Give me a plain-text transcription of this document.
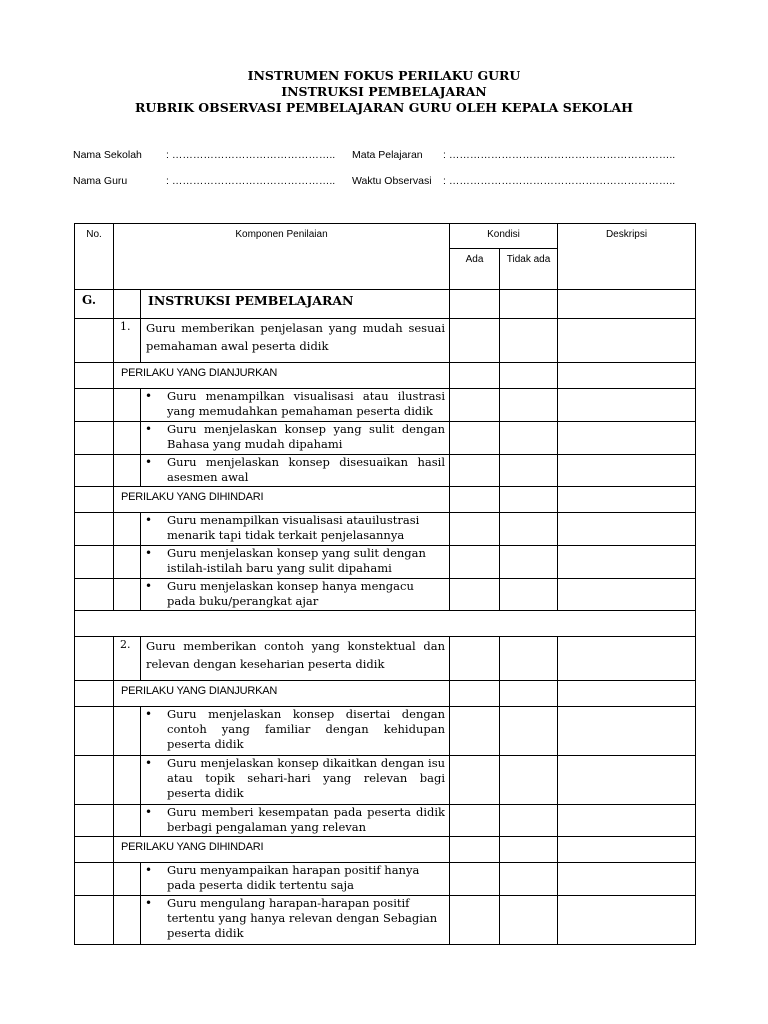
INSTRUMEN FOKUS PERILAKU GURU
INSTRUKSI PEMBELAJARAN
RUBRIK OBSERVASI PEMBELAJARAN GURU OLEH KEPALA SEKOLAH
Nama Sekolah : ……………………………………….. Mata Pelajaran : ………………………………………………………..
Nama Guru	: ……………………………………….. Waktu Observasi : ………………………………………………………..
No.	Komponen Penilaian		Kondisi		Deskripsi
			Ada	Tidak ada	
G.		INSTRUKSI PEMBELAJARAN			
	1.	Guru memberikan penjelasan yang mudah sesuai pemahaman awal peserta didik			
	PERILAKU YANG DIANJURKAN				
		• Guru menampilkan visualisasi atau ilustrasi yang memudahkan pemahaman peserta didik			
		• Guru menjelaskan konsep yang sulit dengan Bahasa yang mudah dipahami			
		• Guru menjelaskan konsep disesuaikan hasil asesmen awal			
	PERILAKU YANG DIHINDARI				
		• Guru menampilkan visualisasi atauilustrasi menarik tapi tidak terkait penjelasannya			
		• Guru menjelaskan konsep yang sulit dengan istilah-istilah baru yang sulit dipahami			
		• Guru menjelaskan konsep hanya mengacu pada buku/perangkat ajar			

	2.	Guru memberikan contoh yang konstektual dan relevan dengan keseharian peserta didik			
	PERILAKU YANG DIANJURKAN				
		• Guru menjelaskan konsep disertai dengan contoh yang familiar dengan kehidupan peserta didik			
		• Guru menjelaskan konsep dikaitkan dengan isu atau topik sehari-hari yang relevan bagi peserta didik			
		• Guru memberi kesempatan pada peserta didik berbagi pengalaman yang relevan			
	PERILAKU YANG DIHINDARI				
		• Guru menyampaikan harapan positif hanya pada peserta didik tertentu saja			
		• Guru mengulang harapan-harapan positif tertentu yang hanya relevan dengan Sebagian peserta didik			
